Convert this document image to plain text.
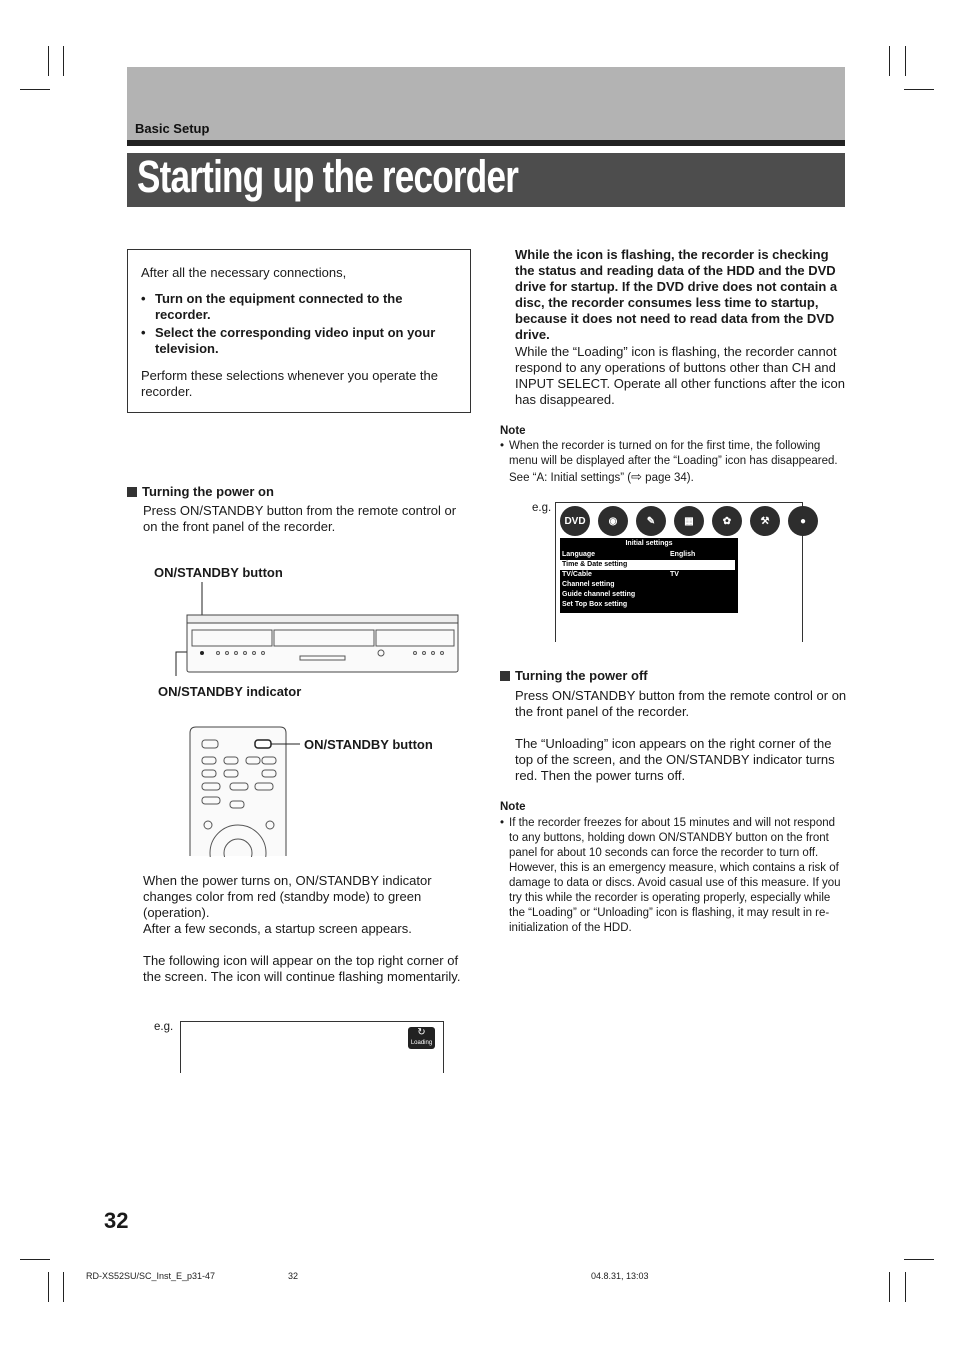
Basic Setup
Starting up the recorder
After all the necessary connections,
• Turn on the equipment connected to the recorder.
• Select the corresponding video input on your television.
Perform these selections whenever you operate the recorder.
Turning the power on
Press ON/STANDBY button from the remote control or on the front panel of the recorder.
ON/STANDBY button
ON/STANDBY indicator
ON/STANDBY button
When the power turns on, ON/STANDBY indicator changes color from red (standby mode) to green (operation).
After a few seconds, a startup screen appears.
The following icon will appear on the top right corner of the screen. The icon will continue flashing momentarily.
e.g.	↻
Loading
While the icon is flashing, the recorder is checking the status and reading data of the HDD and the DVD drive for startup. If the DVD drive does not contain a disc, the recorder consumes less time to startup, because it does not need to read data from the DVD drive.
While the “Loading” icon is flashing, the recorder cannot respond to any operations of buttons other than CH and INPUT SELECT. Operate all other functions after the icon has disappeared.
Note
• When the recorder is turned on for the first time, the following menu will be displayed after the “Loading” icon has disappeared. See “A: Initial settings” (⇨ page 34).
e.g.
DVD	◉	✎	▦	✿	⚒	●
Initial settings
Language	English
Time & Date setting
TV/Cable	TV
Channel setting
Guide channel setting
Set Top Box setting
Turning the power off
Press ON/STANDBY button from the remote control or on the front panel of the recorder.
The “Unloading” icon appears on the right corner of the top of the screen, and the ON/STANDBY indicator turns red. Then the power turns off.
Note
• If the recorder freezes for about 15 minutes and will not respond to any buttons, holding down ON/STANDBY button on the front panel for about 10 seconds can force the recorder to turn off. However, this is an emergency measure, which contains a risk of damage to data or discs. Avoid casual use of this measure. If you try this while the recorder is operating properly, especially while the “Loading” or “Unloading” icon is flashing, it may result in re-initialization of the HDD.
32
RD-XS52SU/SC_Inst_E_p31-47	32	04.8.31, 13:03
